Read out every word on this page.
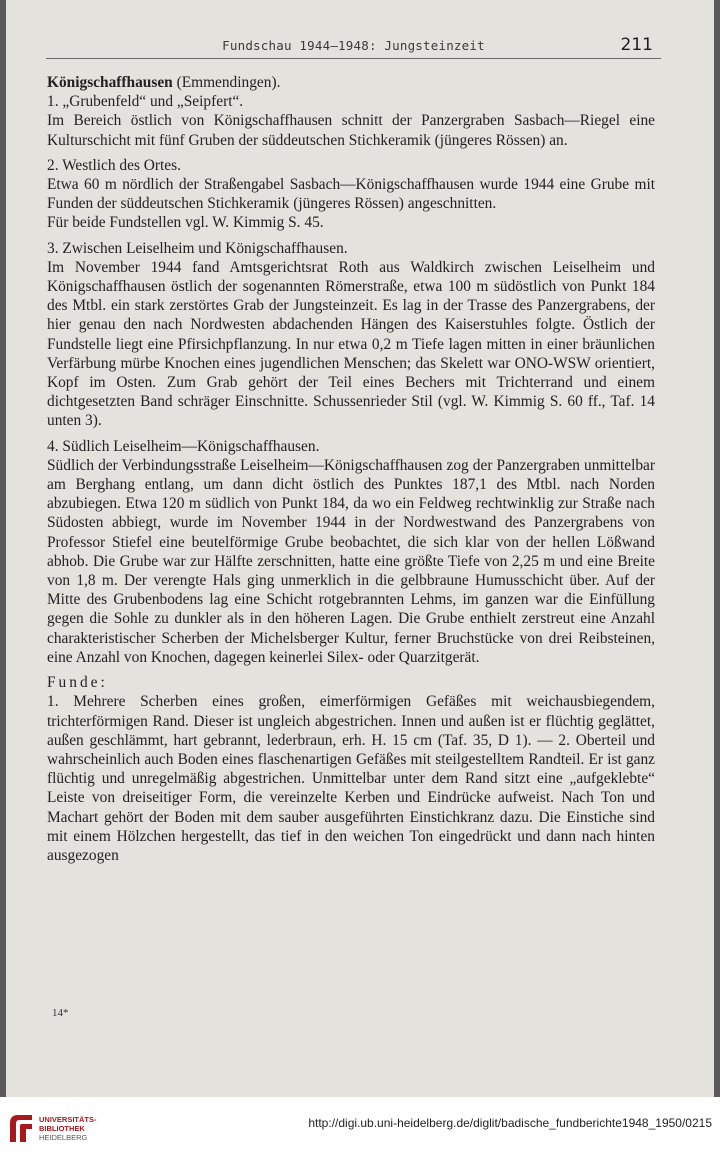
Fundschau 1944—1948: Jungsteinzeit	211

Königschaffhausen (Emmendingen).

1. „Grubenfeld“ und „Seipfert“.

Im Bereich östlich von Königschaffhausen schnitt der Panzergraben Sasbach—Riegel eine Kulturschicht mit fünf Gruben der süddeutschen Stichkeramik (jüngeres Rössen) an.

2. Westlich des Ortes.

Etwa 60 m nördlich der Straßengabel Sasbach—Königschaffhausen wurde 1944 eine Grube mit Funden der süddeutschen Stichkeramik (jüngeres Rössen) angeschnitten.

Für beide Fundstellen vgl. W. Kimmig S. 45.

3. Zwischen Leiselheim und Königschaffhausen.

Im November 1944 fand Amtsgerichtsrat Roth aus Waldkirch zwischen Leiselheim und Königschaffhausen östlich der sogenannten Römerstraße, etwa 100 m südöstlich von Punkt 184 des Mtbl. ein stark zerstörtes Grab der Jungsteinzeit. Es lag in der Trasse des Panzergrabens, der hier genau den nach Nordwesten abdachenden Hängen des Kaiserstuhles folgte. Östlich der Fundstelle liegt eine Pfirsichpflanzung. In nur etwa 0,2 m Tiefe lagen mitten in einer bräunlichen Verfärbung mürbe Knochen eines jugendlichen Menschen; das Skelett war ONO-WSW orientiert, Kopf im Osten. Zum Grab gehört der Teil eines Bechers mit Trichterrand und einem dichtgesetzten Band schräger Einschnitte. Schussenrieder Stil (vgl. W. Kimmig S. 60 ff., Taf. 14 unten 3).

4. Südlich Leiselheim—Königschaffhausen.

Südlich der Verbindungsstraße Leiselheim—Königschaffhausen zog der Panzergraben unmittelbar am Berghang entlang, um dann dicht östlich des Punktes 187,1 des Mtbl. nach Norden abzubiegen. Etwa 120 m südlich von Punkt 184, da wo ein Feldweg rechtwinklig zur Straße nach Südosten abbiegt, wurde im November 1944 in der Nordwestwand des Panzergrabens von Professor Stiefel eine beutelförmige Grube beobachtet, die sich klar von der hellen Lößwand abhob. Die Grube war zur Hälfte zerschnitten, hatte eine größte Tiefe von 2,25 m und eine Breite von 1,8 m. Der verengte Hals ging unmerklich in die gelbbraune Humusschicht über. Auf der Mitte des Grubenbodens lag eine Schicht rotgebrannten Lehms, im ganzen war die Einfüllung gegen die Sohle zu dunkler als in den höheren Lagen. Die Grube enthielt zerstreut eine Anzahl charakteristischer Scherben der Michelsberger Kultur, ferner Bruchstücke von drei Reibsteinen, eine Anzahl von Knochen, dagegen keinerlei Silex- oder Quarzitgerät.

Funde:

1. Mehrere Scherben eines großen, eimerförmigen Gefäßes mit weichausbiegendem, trichterförmigen Rand. Dieser ist ungleich abgestrichen. Innen und außen ist er flüchtig geglättet, außen geschlämmt, hart gebrannt, lederbraun, erh. H. 15 cm (Taf. 35, D 1). — 2. Oberteil und wahrscheinlich auch Boden eines flaschenartigen Gefäßes mit steilgestelltem Randteil. Er ist ganz flüchtig und unregelmäßig abgestrichen. Unmittelbar unter dem Rand sitzt eine „aufgeklebte“ Leiste von dreiseitiger Form, die vereinzelte Kerben und Eindrücke aufweist. Nach Ton und Machart gehört der Boden mit dem sauber ausgeführten Einstichkranz dazu. Die Einstiche sind mit einem Hölzchen hergestellt, das tief in den weichen Ton eingedrückt und dann nach hinten ausgezogen

14*
UNIVERSITÄTS-
BIBLIOTHEK
HEIDELBERG
http://digi.ub.uni-heidelberg.de/diglit/badische_fundberichte1948_1950/0215
